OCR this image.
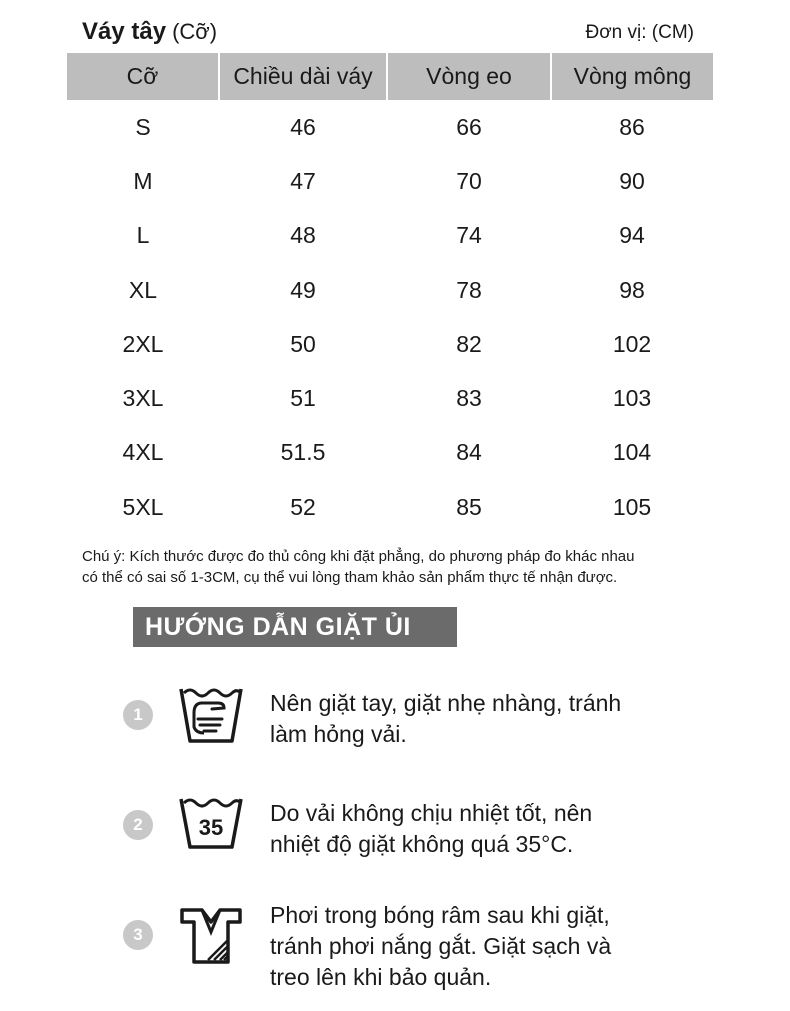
Váy tây (Cỡ)	Đơn vị: (CM)
Cỡ	Chiều dài váy	Vòng eo	Vòng mông
S	46	66	86
M	47	70	90
L	48	74	94
XL	49	78	98
2XL	50	82	102
3XL	51	83	103
4XL	51.5	84	104
5XL	52	85	105
Chú ý: Kích thước được đo thủ công khi đặt phẳng, do phương pháp đo khác nhau
có thể có sai số 1-3CM, cụ thể vui lòng tham khảo sản phẩm thực tế nhận được.
HƯỚNG DẪN GIẶT ỦI
1	Nên giặt tay, giặt nhẹ nhàng, tránh
làm hỏng vải.
2	35
Do vải không chịu nhiệt tốt, nên
nhiệt độ giặt không quá 35°C.
3
Phơi trong bóng râm sau khi giặt,
tránh phơi nắng gắt. Giặt sạch và
treo lên khi bảo quản.
